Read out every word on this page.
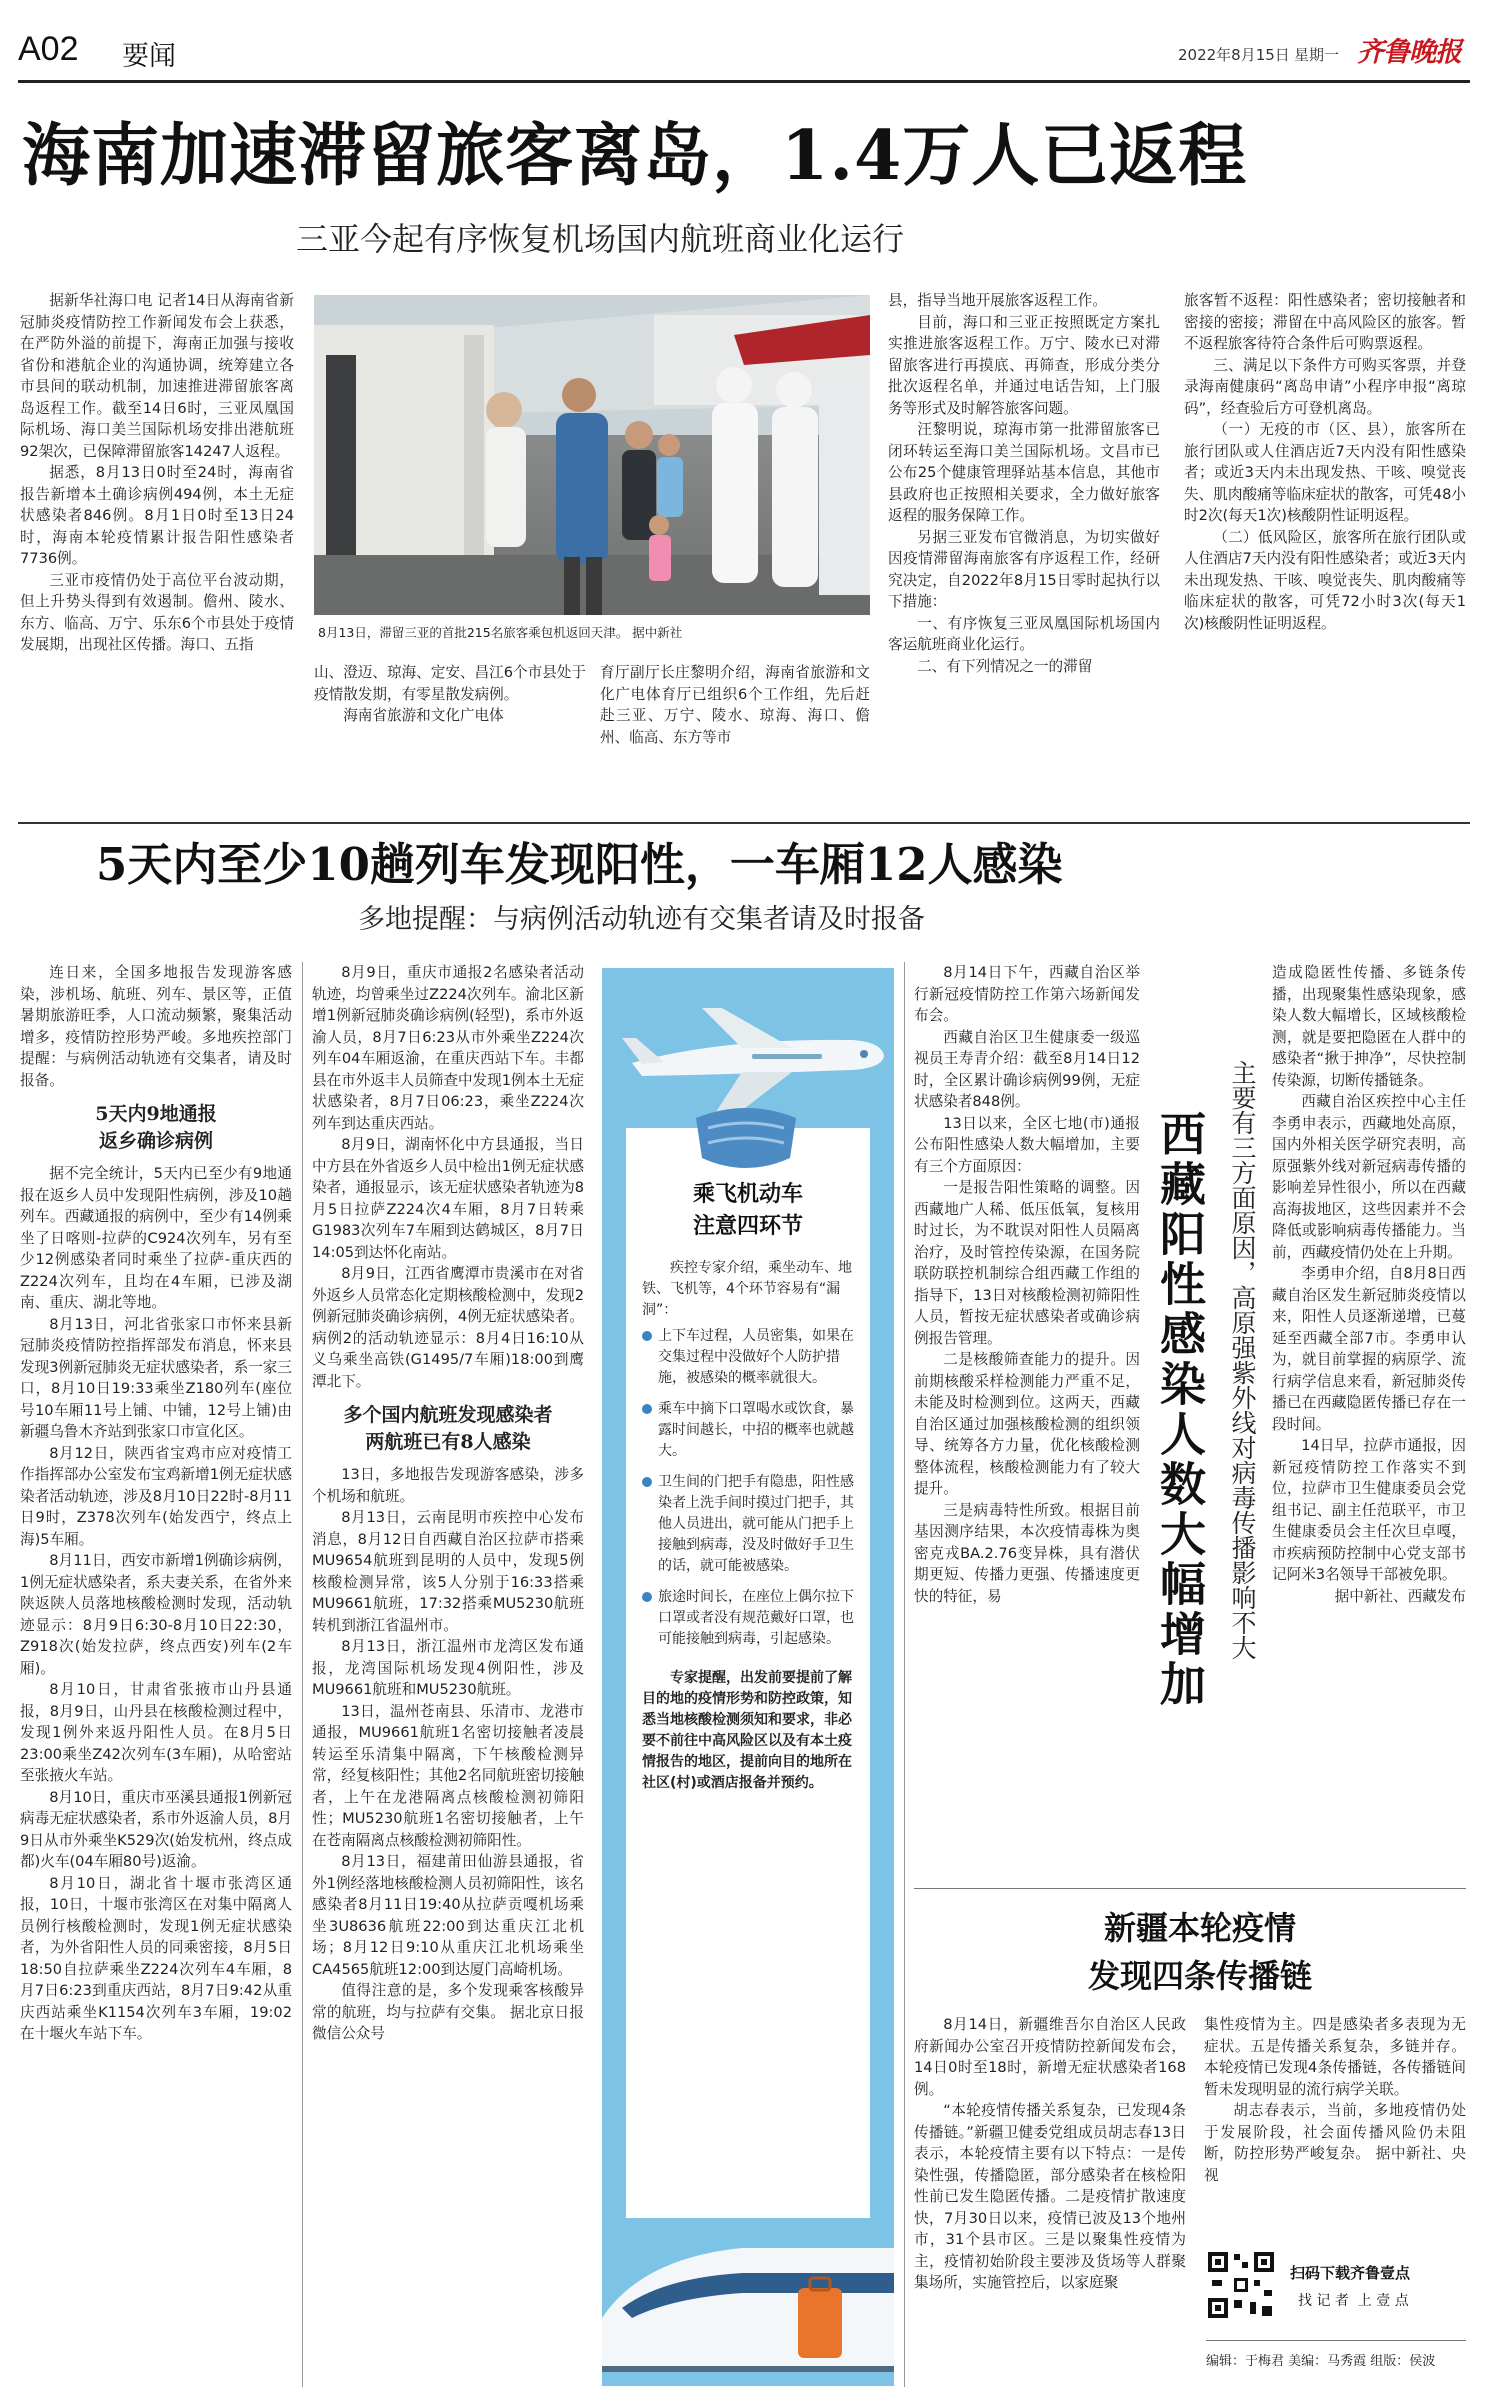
A02 要闻	2022年8月15日 星期一 齐鲁晚报
海南加速滞留旅客离岛，1.4万人已返程
三亚今起有序恢复机场国内航班商业化运行

据新华社海口电 记者14日从海南省新冠肺炎疫情防控工作新闻发布会上获悉，在严防外溢的前提下，海南正加强与接收省份和港航企业的沟通协调，统筹建立各市县间的联动机制，加速推进滞留旅客离岛返程工作。截至14日6时，三亚凤凰国际机场、海口美兰国际机场安排出港航班92架次，已保障滞留旅客14247人返程。

据悉，8月13日0时至24时，海南省报告新增本土确诊病例494例，本土无症状感染者846例。8月1日0时至13日24时，海南本轮疫情累计报告阳性感染者7736例。

三亚市疫情仍处于高位平台波动期，但上升势头得到有效遏制。儋州、陵水、东方、临高、万宁、乐东6个市县处于疫情发展期，出现社区传播。海口、五指

8月13日，滞留三亚的首批215名旅客乘包机返回天津。 据中新社

山、澄迈、琼海、定安、昌江6个市县处于疫情散发期，有零星散发病例。

海南省旅游和文化广电体

育厅副厅长庄黎明介绍，海南省旅游和文化广电体育厅已组织6个工作组，先后赶赴三亚、万宁、陵水、琼海、海口、儋州、临高、东方等市

县，指导当地开展旅客返程工作。

目前，海口和三亚正按照既定方案扎实推进旅客返程工作。万宁、陵水已对滞留旅客进行再摸底、再筛查，形成分类分批次返程名单，并通过电话告知，上门服务等形式及时解答旅客问题。

汪黎明说，琼海市第一批滞留旅客已闭环转运至海口美兰国际机场。文昌市已公布25个健康管理驿站基本信息，其他市县政府也正按照相关要求，全力做好旅客返程的服务保障工作。

另据三亚发布官微消息，为切实做好因疫情滞留海南旅客有序返程工作，经研究决定，自2022年8月15日零时起执行以下措施：

一、有序恢复三亚凤凰国际机场国内客运航班商业化运行。

二、有下列情况之一的滞留

旅客暂不返程：阳性感染者；密切接触者和密接的密接；滞留在中高风险区的旅客。暂不返程旅客待符合条件后可购票返程。

三、满足以下条件方可购买客票，并登录海南健康码“离岛申请”小程序申报“离琼码”，经查验后方可登机离岛。

（一）无疫的市（区、县），旅客所在旅行团队或人住酒店近7天内没有阳性感染者；或近3天内未出现发热、干咳、嗅觉丧失、肌肉酸痛等临床症状的散客，可凭48小时2次(每天1次)核酸阴性证明返程。

（二）低风险区，旅客所在旅行团队或人住酒店7天内没有阳性感染者；或近3天内未出现发热、干咳、嗅觉丧失、肌肉酸痛等临床症状的散客，可凭72小时3次(每天1次)核酸阴性证明返程。

5天内至少10趟列车发现阳性，一车厢12人感染
多地提醒：与病例活动轨迹有交集者请及时报备

连日来，全国多地报告发现游客感染，涉机场、航班、列车、景区等，正值暑期旅游旺季，人口流动频繁，聚集活动增多，疫情防控形势严峻。多地疾控部门提醒：与病例活动轨迹有交集者，请及时报备。

5天内9地通报
返乡确诊病例

据不完全统计，5天内已至少有9地通报在返乡人员中发现阳性病例，涉及10趟列车。西藏通报的病例中，至少有14例乘坐了日喀则-拉萨的C924次列车，另有至少12例感染者同时乘坐了拉萨-重庆西的Z224次列车，且均在4车厢，已涉及湖南、重庆、湖北等地。

8月13日，河北省张家口市怀来县新冠肺炎疫情防控指挥部发布消息，怀来县发现3例新冠肺炎无症状感染者，系一家三口，8月10日19:33乘坐Z180列车(座位号10车厢11号上铺、中铺，12号上铺)由新疆乌鲁木齐站到张家口市宣化区。

8月12日，陕西省宝鸡市应对疫情工作指挥部办公室发布宝鸡新增1例无症状感染者活动轨迹，涉及8月10日22时-8月11日9时，Z378次列车(始发西宁，终点上海)5车厢。

8月11日，西安市新增1例确诊病例，1例无症状感染者，系夫妻关系，在省外来陕返陕人员落地核酸检测时发现，活动轨迹显示：8月9日6:30-8月10日22:30，Z918次(始发拉萨，终点西安)列车(2车厢)。

8月10日，甘肃省张掖市山丹县通报，8月9日，山丹县在核酸检测过程中，发现1例外来返丹阳性人员。在8月5日23:00乘坐Z42次列车(3车厢)，从哈密站至张掖火车站。

8月10日，重庆市巫溪县通报1例新冠病毒无症状感染者，系市外返渝人员，8月9日从市外乘坐K529次(始发杭州，终点成都)火车(04车厢80号)返渝。

8月10日，湖北省十堰市张湾区通报，10日，十堰市张湾区在对集中隔离人员例行核酸检测时，发现1例无症状感染者，为外省阳性人员的同乘密接，8月5日18:50自拉萨乘坐Z224次列车4车厢，8月7日6:23到重庆西站，8月7日9:42从重庆西站乘坐K1154次列车3车厢，19:02在十堰火车站下车。

8月9日，重庆市通报2名感染者活动轨迹，均曾乘坐过Z224次列车。渝北区新增1例新冠肺炎确诊病例(轻型)，系市外返渝人员，8月7日6:23从市外乘坐Z224次列车04车厢返渝，在重庆西站下车。丰都县在市外返丰人员筛查中发现1例本土无症状感染者，8月7日06:23，乘坐Z224次列车到达重庆西站。

8月9日，湖南怀化中方县通报，当日中方县在外省返乡人员中检出1例无症状感染者，通报显示，该无症状感染者轨迹为8月5日拉萨Z224次4车厢，8月7日转乘G1983次列车7车厢到达鹤城区，8月7日14:05到达怀化南站。

8月9日，江西省鹰潭市贵溪市在对省外返乡人员常态化定期核酸检测中，发现2例新冠肺炎确诊病例，4例无症状感染者。病例2的活动轨迹显示：8月4日16:10从义乌乘坐高铁(G1495/7车厢)18:00到鹰潭北下。

多个国内航班发现感染者
两航班已有8人感染

13日，多地报告发现游客感染，涉多个机场和航班。

8月13日，云南昆明市疾控中心发布消息，8月12日自西藏自治区拉萨市搭乘MU9654航班到昆明的人员中，发现5例核酸检测异常，该5人分别于16:33搭乘MU9661航班，17:32搭乘MU5230航班转机到浙江省温州市。

8月13日，浙江温州市龙湾区发布通报，龙湾国际机场发现4例阳性，涉及MU9661航班和MU5230航班。

13日，温州苍南县、乐清市、龙港市通报，MU9661航班1名密切接触者凌晨转运至乐清集中隔离，下午核酸检测异常，经复核阳性；其他2名同航班密切接触者，上午在龙港隔离点核酸检测初筛阳性；MU5230航班1名密切接触者，上午在苍南隔离点核酸检测初筛阳性。

8月13日，福建莆田仙游县通报，省外1例经落地核酸检测人员初筛阳性，该名感染者8月11日19:40从拉萨贡嘎机场乘坐3U8636航班22:00到达重庆江北机场；8月12日9:10从重庆江北机场乘坐CA4565航班12:00到达厦门高崎机场。

值得注意的是，多个发现乘客核酸异常的航班，均与拉萨有交集。 据北京日报微信公众号

乘飞机动车
注意四环节
疾控专家介绍，乘坐动车、地铁、飞机等，4个环节容易有“漏洞”：
上下车过程，人员密集，如果在交集过程中没做好个人防护措施，被感染的概率就很大。
乘车中摘下口罩喝水或饮食，暴露时间越长，中招的概率也就越大。
卫生间的门把手有隐患，阳性感染者上洗手间时摸过门把手，其他人员进出，就可能从门把手上接触到病毒，没及时做好手卫生的话，就可能被感染。
旅途时间长，在座位上偶尔拉下口罩或者没有规范戴好口罩，也可能接触到病毒，引起感染。
专家提醒，出发前要提前了解目的地的疫情形势和防控政策，知悉当地核酸检测须知和要求，非必要不前往中高风险区以及有本土疫情报告的地区，提前向目的地所在社区(村)或酒店报备并预约。

8月14日下午，西藏自治区举行新冠疫情防控工作第六场新闻发布会。

西藏自治区卫生健康委一级巡视员王寿青介绍：截至8月14日12时，全区累计确诊病例99例，无症状感染者848例。

13日以来，全区七地(市)通报公布阳性感染人数大幅增加，主要有三个方面原因：

一是报告阳性策略的调整。因西藏地广人稀、低压低氧，复核用时过长，为不耽误对阳性人员隔离治疗，及时管控传染源，在国务院联防联控机制综合组西藏工作组的指导下，13日对核酸检测初筛阳性人员，暂按无症状感染者或确诊病例报告管理。

二是核酸筛查能力的提升。因前期核酸采样检测能力严重不足，未能及时检测到位。这两天，西藏自治区通过加强核酸检测的组织领导、统筹各方力量，优化核酸检测整体流程，核酸检测能力有了较大提升。

三是病毒特性所致。根据目前基因测序结果，本次疫情毒株为奥密克戎BA.2.76变异株，具有潜伏期更短、传播力更强、传播速度更快的特征，易	西藏阳性感染人数大幅增加 主要有三方面原因，高原强紫外线对病毒传播影响不大

造成隐匿性传播、多链条传播，出现聚集性感染现象，感染人数大幅增长，区域核酸检测，就是要把隐匿在人群中的感染者“揪于抻净”，尽快控制传染源，切断传播链条。

西藏自治区疾控中心主任李勇申表示，西藏地处高原，国内外相关医学研究表明，高原强紫外线对新冠病毒传播的影响差异性很小，所以在西藏高海拔地区，这些因素并不会降低或影响病毒传播能力。当前，西藏疫情仍处在上升期。

李勇申介绍，自8月8日西藏自治区发生新冠肺炎疫情以来，阳性人员逐渐递增，已蔓延至西藏全部7市。李勇申认为，就目前掌握的病原学、流行病学信息来看，新冠肺炎传播已在西藏隐匿传播已存在一段时间。

14日早，拉萨市通报，因新冠疫情防控工作落实不到位，拉萨市卫生健康委员会党组书记、副主任范联平，市卫生健康委员会主任次旦卓嘎，市疾病预防控制中心党支部书记阿米3名领导干部被免职。

据中新社、西藏发布

新疆本轮疫情
发现四条传播链

8月14日，新疆维吾尔自治区人民政府新闻办公室召开疫情防控新闻发布会，14日0时至18时，新增无症状感染者168例。

“本轮疫情传播关系复杂，已发现4条传播链。”新疆卫健委党组成员胡志春13日表示，本轮疫情主要有以下特点：一是传染性强，传播隐匿，部分感染者在核检阳性前已发生隐匿传播。二是疫情扩散速度快，7月30日以来，疫情已波及13个地州市，31个县市区。三是以聚集性疫情为主，疫情初始阶段主要涉及货场等人群聚集场所，实施管控后，以家庭聚

集性疫情为主。四是感染者多表现为无症状。五是传播关系复杂，多链并存。本轮疫情已发现4条传播链，各传播链间暂未发现明显的流行病学关联。

胡志春表示，当前，多地疫情仍处于发展阶段，社会面传播风险仍未阻断，防控形势严峻复杂。 据中新社、央视

扫码下载齐鲁壹点
找 记 者  上 壹 点
编辑：于梅君 美编：马秀霞 组版：侯波
